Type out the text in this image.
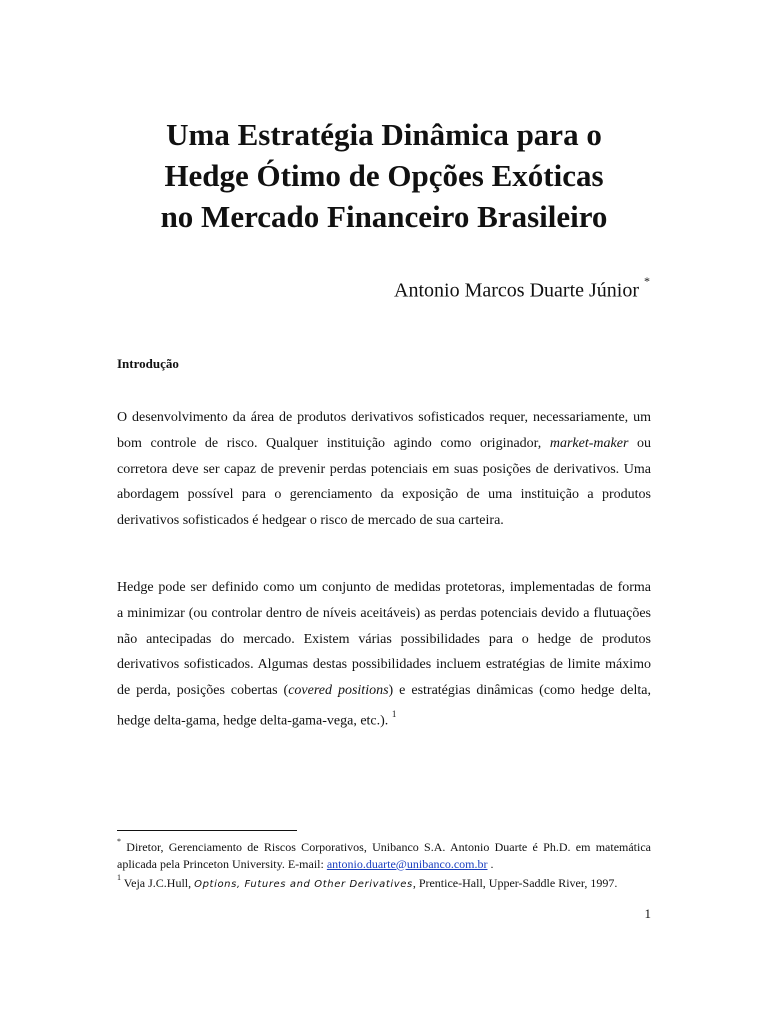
Uma Estratégia Dinâmica para o
Hedge Ótimo de Opções Exóticas
no Mercado Financeiro Brasileiro
Antonio Marcos Duarte Júnior *
Introdução
O desenvolvimento da área de produtos derivativos sofisticados requer, necessariamente, um
bom controle de risco. Qualquer instituição agindo como originador, market-maker ou
corretora deve ser capaz de prevenir perdas potenciais em suas posições de derivativos. Uma
abordagem possível para o gerenciamento da exposição de uma instituição a produtos
derivativos sofisticados é hedgear o risco de mercado de sua carteira.
Hedge pode ser definido como um conjunto de medidas protetoras, implementadas de forma
a minimizar (ou controlar dentro de níveis aceitáveis) as perdas potenciais devido a flutuações
não antecipadas do mercado. Existem várias possibilidades para o hedge de produtos
derivativos sofisticados. Algumas destas possibilidades incluem estratégias de limite máximo
de perda, posições cobertas (covered positions) e estratégias dinâmicas (como hedge delta,
hedge delta-gama, hedge delta-gama-vega, etc.). $^1$
* Diretor, Gerenciamento de Riscos Corporativos, Unibanco S.A. Antonio Duarte é Ph.D. em matemática
aplicada pela Princeton University. E-mail: antonio.duarte@unibanco.com.br .
$^1$ Veja J.C.Hull, Options, Futures and Other Derivatives, Prentice-Hall, Upper-Saddle River, 1997.
1
